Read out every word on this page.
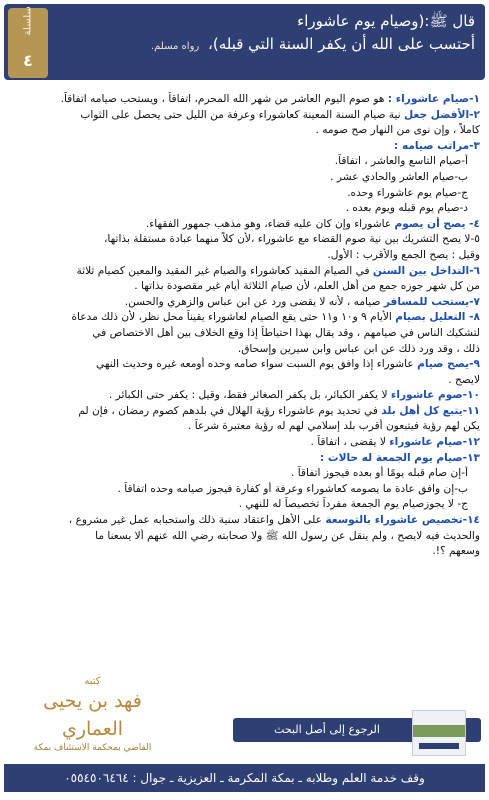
سلسلة
٤
قال ﷺ:(وصيام يوم عاشوراء
أحتسب على الله أن يكفر السنة التي قبله)، رواه مسلم.
١-صيام عاشوراء : هو صوم اليوم العاشر من شهر الله المحرم، اتفاقاً ، ويستحب صيامه اتفاقاً.
٢-الأفضل جعل نية صيام السنة المعينة كعاشوراء وعرفة من الليل حتى يحصل على الثواب
كاملاً ، وإن نوى من النهار صح صومه .
٣-مراتب صيامه :
أ-صيام التاسع والعاشر ، اتفاقاً.
ب-صيام العاشر والحادي عشر .
ج-صيام يوم عاشوراء وحده.
د-صيام يوم قبله ويوم بعده .
٤- يصح أن يصوم عاشوراء وإن كان عليه قضاء، وهو مذهب جمهور الفقهاء.
٥-لا يصح التشريك بين نية صوم القضاء مع عاشوراء ،لأن كلاً منهما عبادة مستقلة بذاتها،
وقيل : يصح الجمع والأقرب : الأول.
٦-التداخل بين السنن في الصيام المقيد كعاشوراء والصيام غير المقيد والمعين كصيام ثلاثة
من كل شهر جوزه جمع من أهل العلم، لأن صيام الثلاثة أيام غير مقصودة بذاتها .
٧-يستحب للمسافر صيامه ، لأنه لا يقضى ورد عن ابن عباس والزهري والحسن.
٨- التعليل بصيام الأيام ٩ و١٠ و١١ حتى يقع الصيام لعاشوراء يقيناً محل نظر، لأن ذلك مدعاة
لتشكيك الناس في صيامهم ، وقد يقال بهذا احتياطاً إذا وقع الخلاف بين أهل الاختصاص في
ذلك ، وقد ورد ذلك عن ابن عباس وابن سيرين وإسحاق.
٩-يصح صيام عاشوراء إذا وافق يوم السبت سواء صامه وحده أومعه غيره وحديث النهي
لايصح .
١٠-صوم عاشوراء لا يكفر الكبائر، بل يكفر الصغائر فقط، وقيل : يكفر حتى الكبائر .
١١-يتبع كل أهل بلد في تحديد يوم عاشوراء رؤية الهلال في بلدهم كصوم رمضان ، فإن لم
يكن لهم رؤية فيتبعون أقرب بلد إسلامي لهم له رؤية معتبرة شرعاً .
١٢-صيام عاشوراء لا يقضى ، اتفاقاً .
١٣-صيام يوم الجمعة له حالات :
أ-إن صام قبله يومًا أو بعده فيجوز اتفاقاً .
ب-إن وافق عادة ما يصومه كعاشوراء وعرفة أو كفارة فيجوز صيامه وحده اتفاقاً .
ج- لا يجوزصيام يوم الجمعة مفرداً تخصيصاً له للنهي .
١٤-تخصيص عاشوراء بالتوسعة على الأهل واعتقاد سنية ذلك واستحبابه عمل غير مشروع ،
والحديث فيه لايصح ، ولم ينقل عن رسول الله ﷺ ولا صحابته رضي الله عنهم ألا يسعنا ما
وسعهم ؟!.
كتبه
فهد بن يحيى العماري
القاضي بمحكمة الاستئناف بمكة
الرجوع إلى أصل البحث
وقف خدمة العلم وطلابه ـ بمكة المكرمة ـ العزيزية ـ جوال : ٠٥٥٤٥٠٦٤٦٤
